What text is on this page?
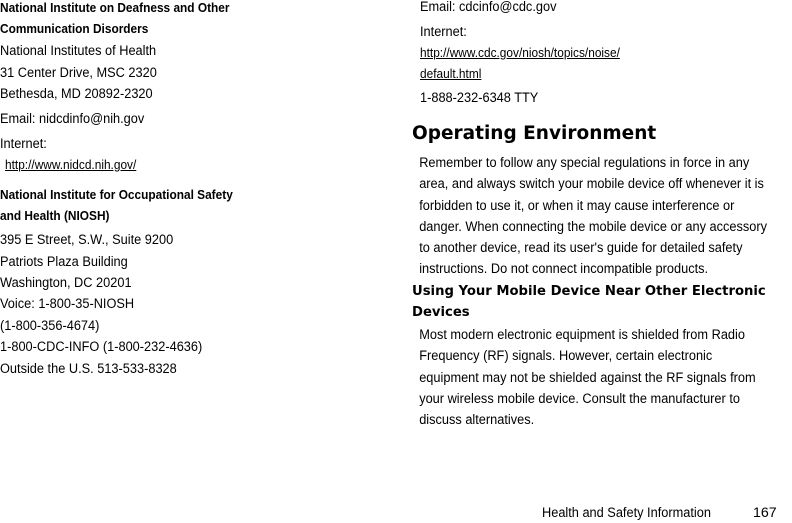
National Institute on Deafness and Other
Communication Disorders

National Institutes of Health

31 Center Drive, MSC 2320

Bethesda, MD 20892-2320

Email: nidcdinfo@nih.gov

Internet:

http://www.nidcd.nih.gov/
National Institute for Occupational Safety
and Health (NIOSH)

395 E Street, S.W., Suite 9200

Patriots Plaza Building

Washington, DC 20201

Voice: 1-800-35-NIOSH

(1-800-356-4674)

1-800-CDC-INFO (1-800-232-4636)

Outside the U.S. 513-533-8328

Email: cdcinfo@cdc.gov

Internet:

http://www.cdc.gov/niosh/topics/noise/
default.html

1-888-232-6348 TTY

Operating Environment
Remember to follow any special regulations in force in any
area, and always switch your mobile device off whenever it is
forbidden to use it, or when it may cause interference or
danger. When connecting the mobile device or any accessory
to another device, read its user's guide for detailed safety
instructions. Do not connect incompatible products.
Using Your Mobile Device Near Other Electronic
Devices
Most modern electronic equipment is shielded from Radio
Frequency (RF) signals. However, certain electronic
equipment may not be shielded against the RF signals from
your wireless mobile device. Consult the manufacturer to
discuss alternatives.
Health and Safety Information	167
